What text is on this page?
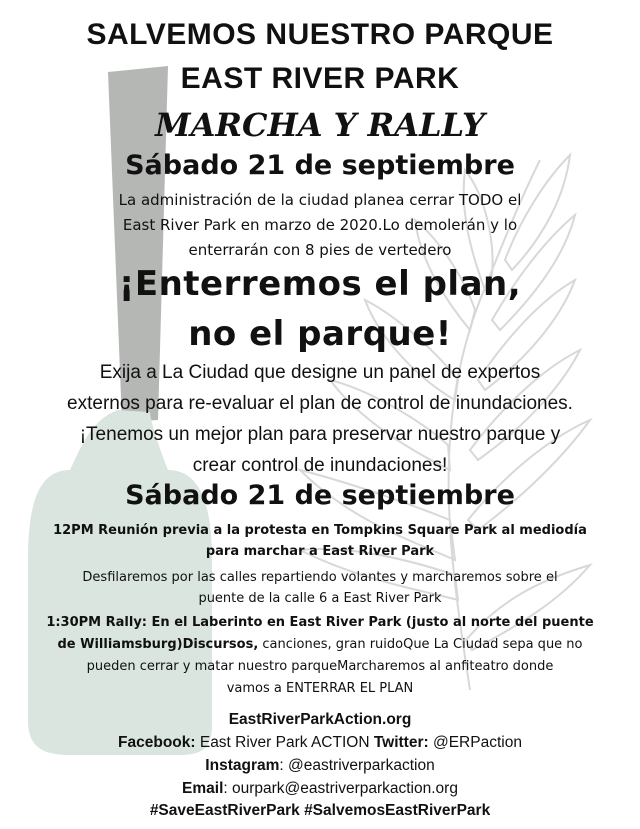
SALVEMOS NUESTRO PARQUE
EAST RIVER PARK
MARCHA Y RALLY
Sábado 21 de septiembre
La administración de la ciudad planea cerrar TODO el
East River Park en marzo de 2020.Lo demolerán y lo
enterrarán con 8 pies de vertedero
¡Enterremos el plan,
no el parque!
Exija a La Ciudad que designe un panel de expertos
externos para re-evaluar el plan de control de inundaciones.
¡Tenemos un mejor plan para preservar nuestro parque y
crear control de inundaciones!
Sábado 21 de septiembre
12PM Reunión previa a la protesta en Tompkins Square Park al mediodía
para marchar a East River Park
Desfilaremos por las calles repartiendo volantes y marcharemos sobre el
puente de la calle 6 a East River Park
1:30PM Rally: En el Laberinto en East River Park (justo al norte del puente
de Williamsburg)Discursos, canciones, gran ruidoQue La Ciudad sepa que no
pueden cerrar y matar nuestro parqueMarcharemos al anfiteatro donde
vamos a ENTERRAR EL PLAN
EastRiverParkAction.org
Facebook: East River Park ACTION Twitter: @ERPaction
Instagram: @eastriverparkaction
Email: ourpark@eastriverparkaction.org
#SaveEastRiverPark #SalvemosEastRiverPark
